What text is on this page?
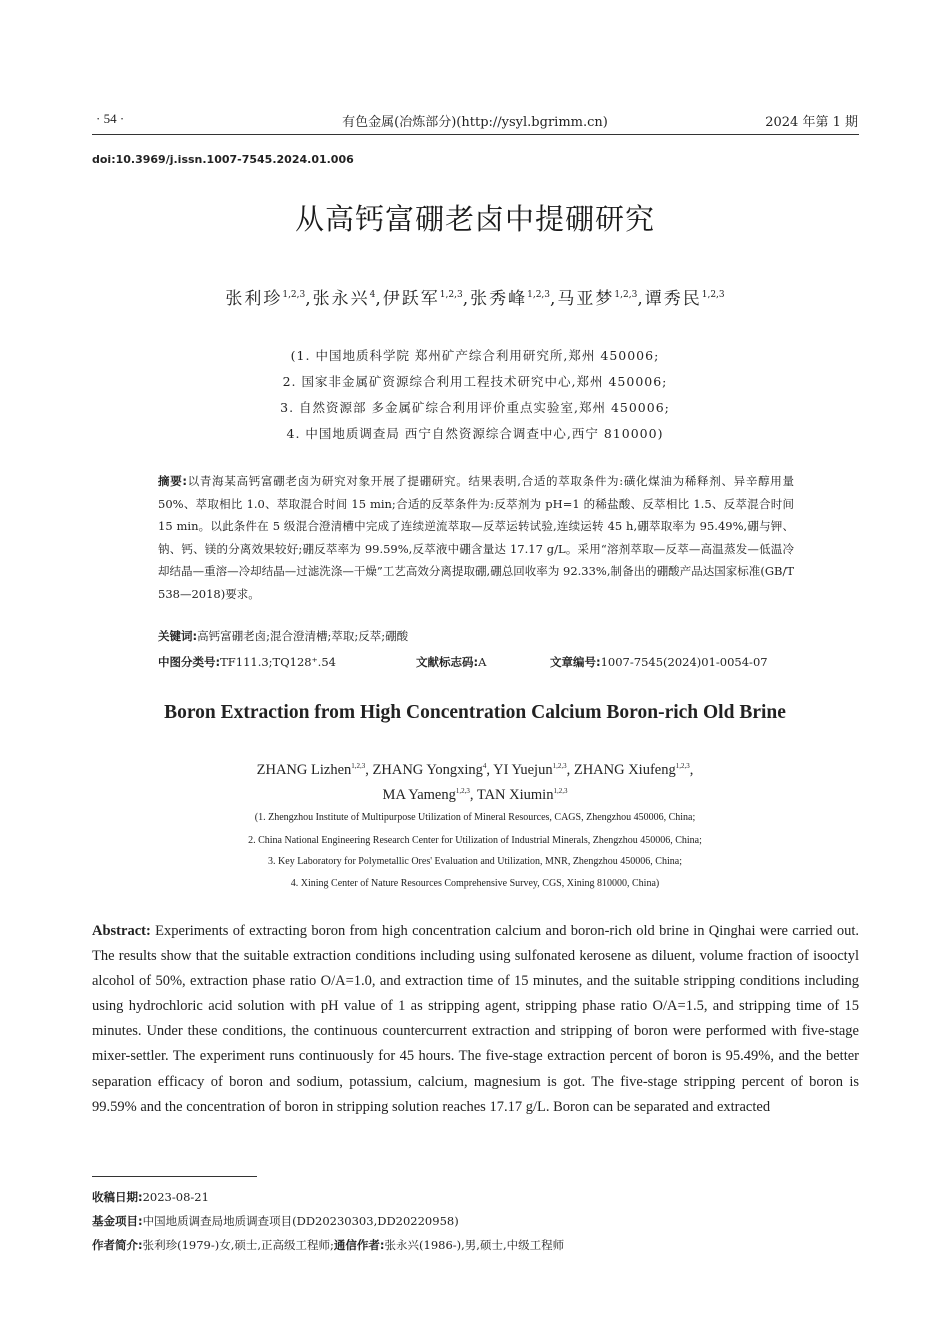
· 54 ·	有色金属(冶炼部分)(http://ysyl.bgrimm.cn)	2024 年第 1 期
doi:10.3969/j.issn.1007-7545.2024.01.006
从高钙富硼老卤中提硼研究
张利珍$^{1,2,3}$,张永兴$^4$,伊跃军$^{1,2,3}$,张秀峰$^{1,2,3}$,马亚梦$^{1,2,3}$,谭秀民$^{1,2,3}$
(1. 中国地质科学院 郑州矿产综合利用研究所,郑州 450006;
2. 国家非金属矿资源综合利用工程技术研究中心,郑州 450006;
3. 自然资源部 多金属矿综合利用评价重点实验室,郑州 450006;
4. 中国地质调查局 西宁自然资源综合调查中心,西宁 810000)
摘要:以青海某高钙富硼老卤为研究对象开展了提硼研究。结果表明,合适的萃取条件为:磺化煤油为稀释剂、异辛醇用量 50%、萃取相比 1.0、萃取混合时间 15 min;合适的反萃条件为:反萃剂为 pH=1 的稀盐酸、反萃相比 1.5、反萃混合时间 15 min。以此条件在 5 级混合澄清槽中完成了连续逆流萃取—反萃运转试验,连续运转 45 h,硼萃取率为 95.49%,硼与钾、钠、钙、镁的分离效果较好;硼反萃率为 99.59%,反萃液中硼含量达 17.17 g/L。采用“溶剂萃取—反萃—高温蒸发—低温冷却结晶—重溶—冷却结晶—过滤洗涤—干燥”工艺高效分离提取硼,硼总回收率为 92.33%,制备出的硼酸产品达国家标准(GB/T 538—2018)要求。
关键词:高钙富硼老卤;混合澄清槽;萃取;反萃;硼酸
中图分类号:TF111.3;TQ128⁺.54	文献标志码:A	文章编号:1007-7545(2024)01-0054-07
Boron Extraction from High Concentration Calcium Boron-rich Old Brine
ZHANG Lizhen$^{1,2,3}$, ZHANG Yongxing$^4$, YI Yuejun$^{1,2,3}$, ZHANG Xiufeng$^{1,2,3}$,
MA Yameng$^{1,2,3}$, TAN Xiumin$^{1,2,3}$
(1. Zhengzhou Institute of Multipurpose Utilization of Mineral Resources, CAGS, Zhengzhou 450006, China;
2. China National Engineering Research Center for Utilization of Industrial Minerals, Zhengzhou 450006, China;
3. Key Laboratory for Polymetallic Ores' Evaluation and Utilization, MNR, Zhengzhou 450006, China;
4. Xining Center of Nature Resources Comprehensive Survey, CGS, Xining 810000, China)
Abstract: Experiments of extracting boron from high concentration calcium and boron-rich old brine in Qinghai were carried out. The results show that the suitable extraction conditions including using sulfonated kerosene as diluent, volume fraction of isooctyl alcohol of 50%, extraction phase ratio O/A=1.0, and extraction time of 15 minutes, and the suitable stripping conditions including using hydrochloric acid solution with pH value of 1 as stripping agent, stripping phase ratio O/A=1.5, and stripping time of 15 minutes. Under these conditions, the continuous countercurrent extraction and stripping of boron were performed with five-stage mixer-settler. The experiment runs continuously for 45 hours. The five-stage extraction percent of boron is 95.49%, and the better separation efficacy of boron and sodium, potassium, calcium, magnesium is got. The five-stage stripping percent of boron is 99.59% and the concentration of boron in stripping solution reaches 17.17 g/L. Boron can be separated and extracted
收稿日期:2023-08-21
基金项目:中国地质调查局地质调查项目(DD20230303,DD20220958)
作者简介:张利珍(1979-)女,硕士,正高级工程师;通信作者:张永兴(1986-),男,硕士,中级工程师
